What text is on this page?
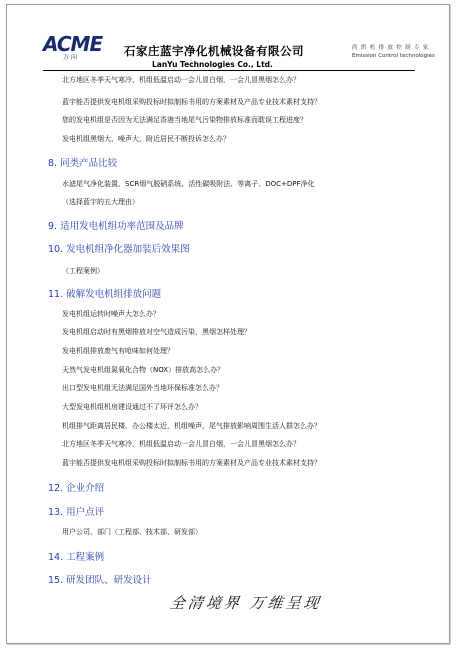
ACME
万 向	石家庄蓝宇净化机械设备有限公司
LanYu Technologies Co., Ltd.
尚 烘 机 排 放 控 制 专 家
Emission Control technologies
北方地区冬季天气寒冷，机组低温启动一会儿冒白烟，一会儿冒黑烟怎么办？
蓝宇能否提供发电机组采购投标时拟制标书用的方案素材及产品专业技术素材支持？
您的发电机组是否因为无法满足香港当地尾气污染物排放标准而耽误工程进度？
发电机组黑烟大、噪声大，附近居民不断投诉怎么办？
8. 同类产品比较
水滤尾气净化装置、SCR烟气脱硝系统、活性碳吸附法、等离子、DOC+DPF净化
（选择蓝宇的五大理由）
9. 适用发电机组功率范围及品牌
10. 发电机组净化器加装后效果图
（工程案例）
11. 破解发电机组排放问题
发电机组运转时噪声大怎么办？
发电机组启动时有黑烟排放对空气造成污染，黑烟怎样处理？
发电机组排放废气有呛味如何处理？
天然气发电机组氮氧化合物（NOX）排放高怎么办？
出口型发电机组无法满足国外当地环保标准怎么办？
大型发电机组机房建设通过不了环评怎么办？
机组排气距离居民楼、办公楼太近，机组噪声，尾气排放影响周围生活人群怎么办？
北方地区冬季天气寒冷，机组低温启动一会儿冒白烟，一会儿冒黑烟怎么办？
蓝宇能否提供发电机组采购投标时拟制标书用的方案素材及产品专业技术素材支持？
12. 企业介绍
13. 用户点评
用户公司、部门（工程部、技术部、研发部）
14. 工程案例
15. 研发团队、研发设计
全清境界 万维呈现
